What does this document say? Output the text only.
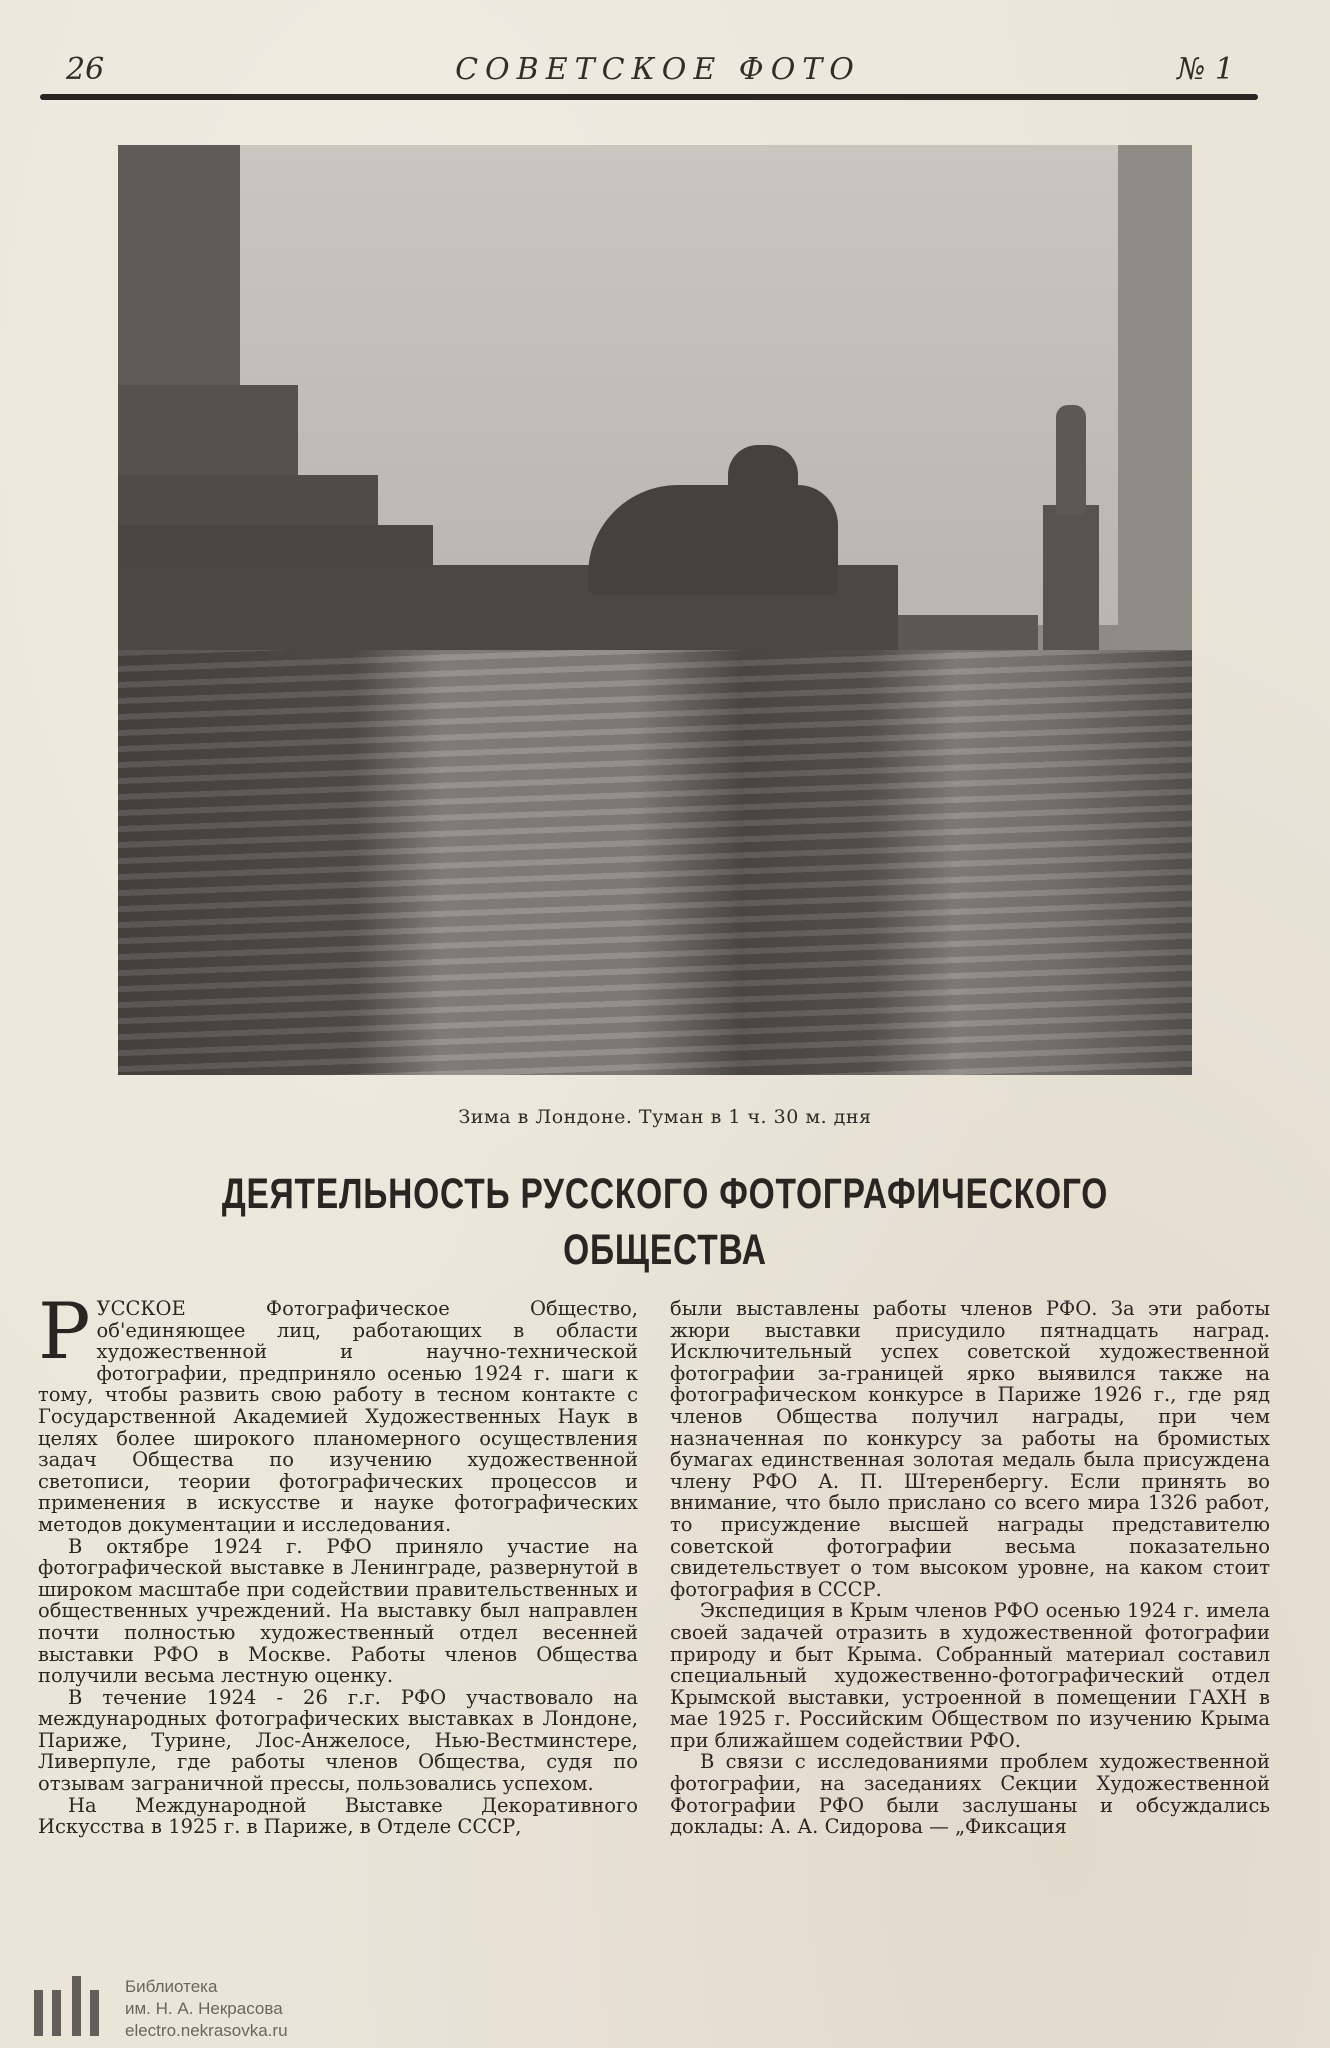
26	СОВЕТСКОЕ ФОТО	№ 1
Зима в Лондоне. Туман в 1 ч. 30 м. дня
ДЕЯТЕЛЬНОСТЬ РУССКОГО ФОТОГРАФИЧЕСКОГО
ОБЩЕСТВА

РУССКОЕ Фотографическое Общество, об'единяющее лиц, работающих в области художественной и научно-технической фотографии, предприняло осенью 1924 г. шаги к тому, чтобы развить свою работу в тесном контакте с Государственной Академией Художественных Наук в целях более широкого планомерного осуществления задач Общества по изучению художественной светописи, теории фотографических процессов и применения в искусстве и науке фотографических методов документации и исследования.

В октябре 1924 г. РФО приняло участие на фотографической выставке в Ленинграде, развернутой в широком масштабе при содействии правительственных и общественных учреждений. На выставку был направлен почти полностью художественный отдел весенней выставки РФО в Москве. Работы членов Общества получили весьма лестную оценку.

В течение 1924 - 26 г.г. РФО участвовало на международных фотографических выставках в Лондоне, Париже, Турине, Лос-Анжелосе, Нью-Вестминстере, Ливерпуле, где работы членов Общества, судя по отзывам заграничной прессы, пользовались успехом.

На Международной Выставке Декоративного Искусства в 1925 г. в Париже, в Отделе СССР,

были выставлены работы членов РФО. За эти работы жюри выставки присудило пятнадцать наград. Исключительный успех советской художественной фотографии за-границей ярко выявился также на фотографическом конкурсе в Париже 1926 г., где ряд членов Общества получил награды, при чем назначенная по конкурсу за работы на бромистых бумагах единственная золотая медаль была присуждена члену РФО А. П. Штеренбергу. Если принять во внимание, что было прислано со всего мира 1326 работ, то присуждение высшей награды представителю советской фотографии весьма показательно свидетельствует о том высоком уровне, на каком стоит фотография в СССР.

Экспедиция в Крым членов РФО осенью 1924 г. имела своей задачей отразить в художественной фотографии природу и быт Крыма. Собранный материал составил специальный художественно-фотографический отдел Крымской выставки, устроенной в помещении ГАХН в мае 1925 г. Российским Обществом по изучению Крыма при ближайшем содействии РФО.

В связи с исследованиями проблем художественной фотографии, на заседаниях Секции Художественной Фотографии РФО были заслушаны и обсуждались доклады: А. А. Сидорова — „Фиксация

Библиотека
им. Н. А. Некрасова
electro.nekrasovka.ru
